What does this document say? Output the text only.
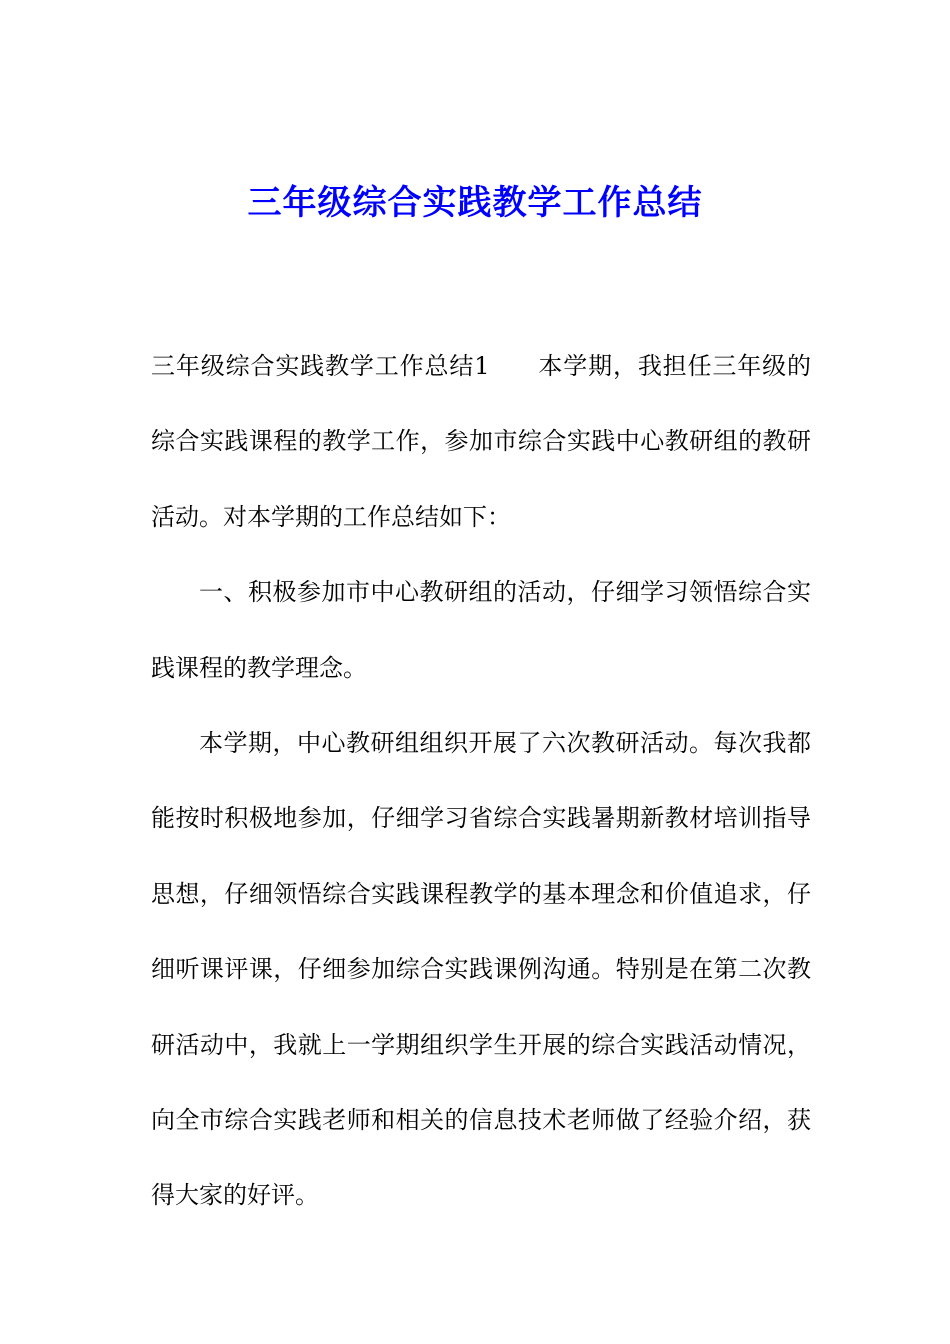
三年级综合实践教学工作总结

三年级综合实践教学工作总结1 本学期，我担任三年级的综合实践课程的教学工作，参加市综合实践中心教研组的教研活动。对本学期的工作总结如下：

一、积极参加市中心教研组的活动，仔细学习领悟综合实践课程的教学理念。

本学期，中心教研组组织开展了六次教研活动。每次我都能按时积极地参加，仔细学习省综合实践暑期新教材培训指导思想，仔细领悟综合实践课程教学的基本理念和价值追求，仔细听课评课，仔细参加综合实践课例沟通。特别是在第二次教研活动中，我就上一学期组织学生开展的综合实践活动情况，向全市综合实践老师和相关的信息技术老师做了经验介绍，获得大家的好评。
